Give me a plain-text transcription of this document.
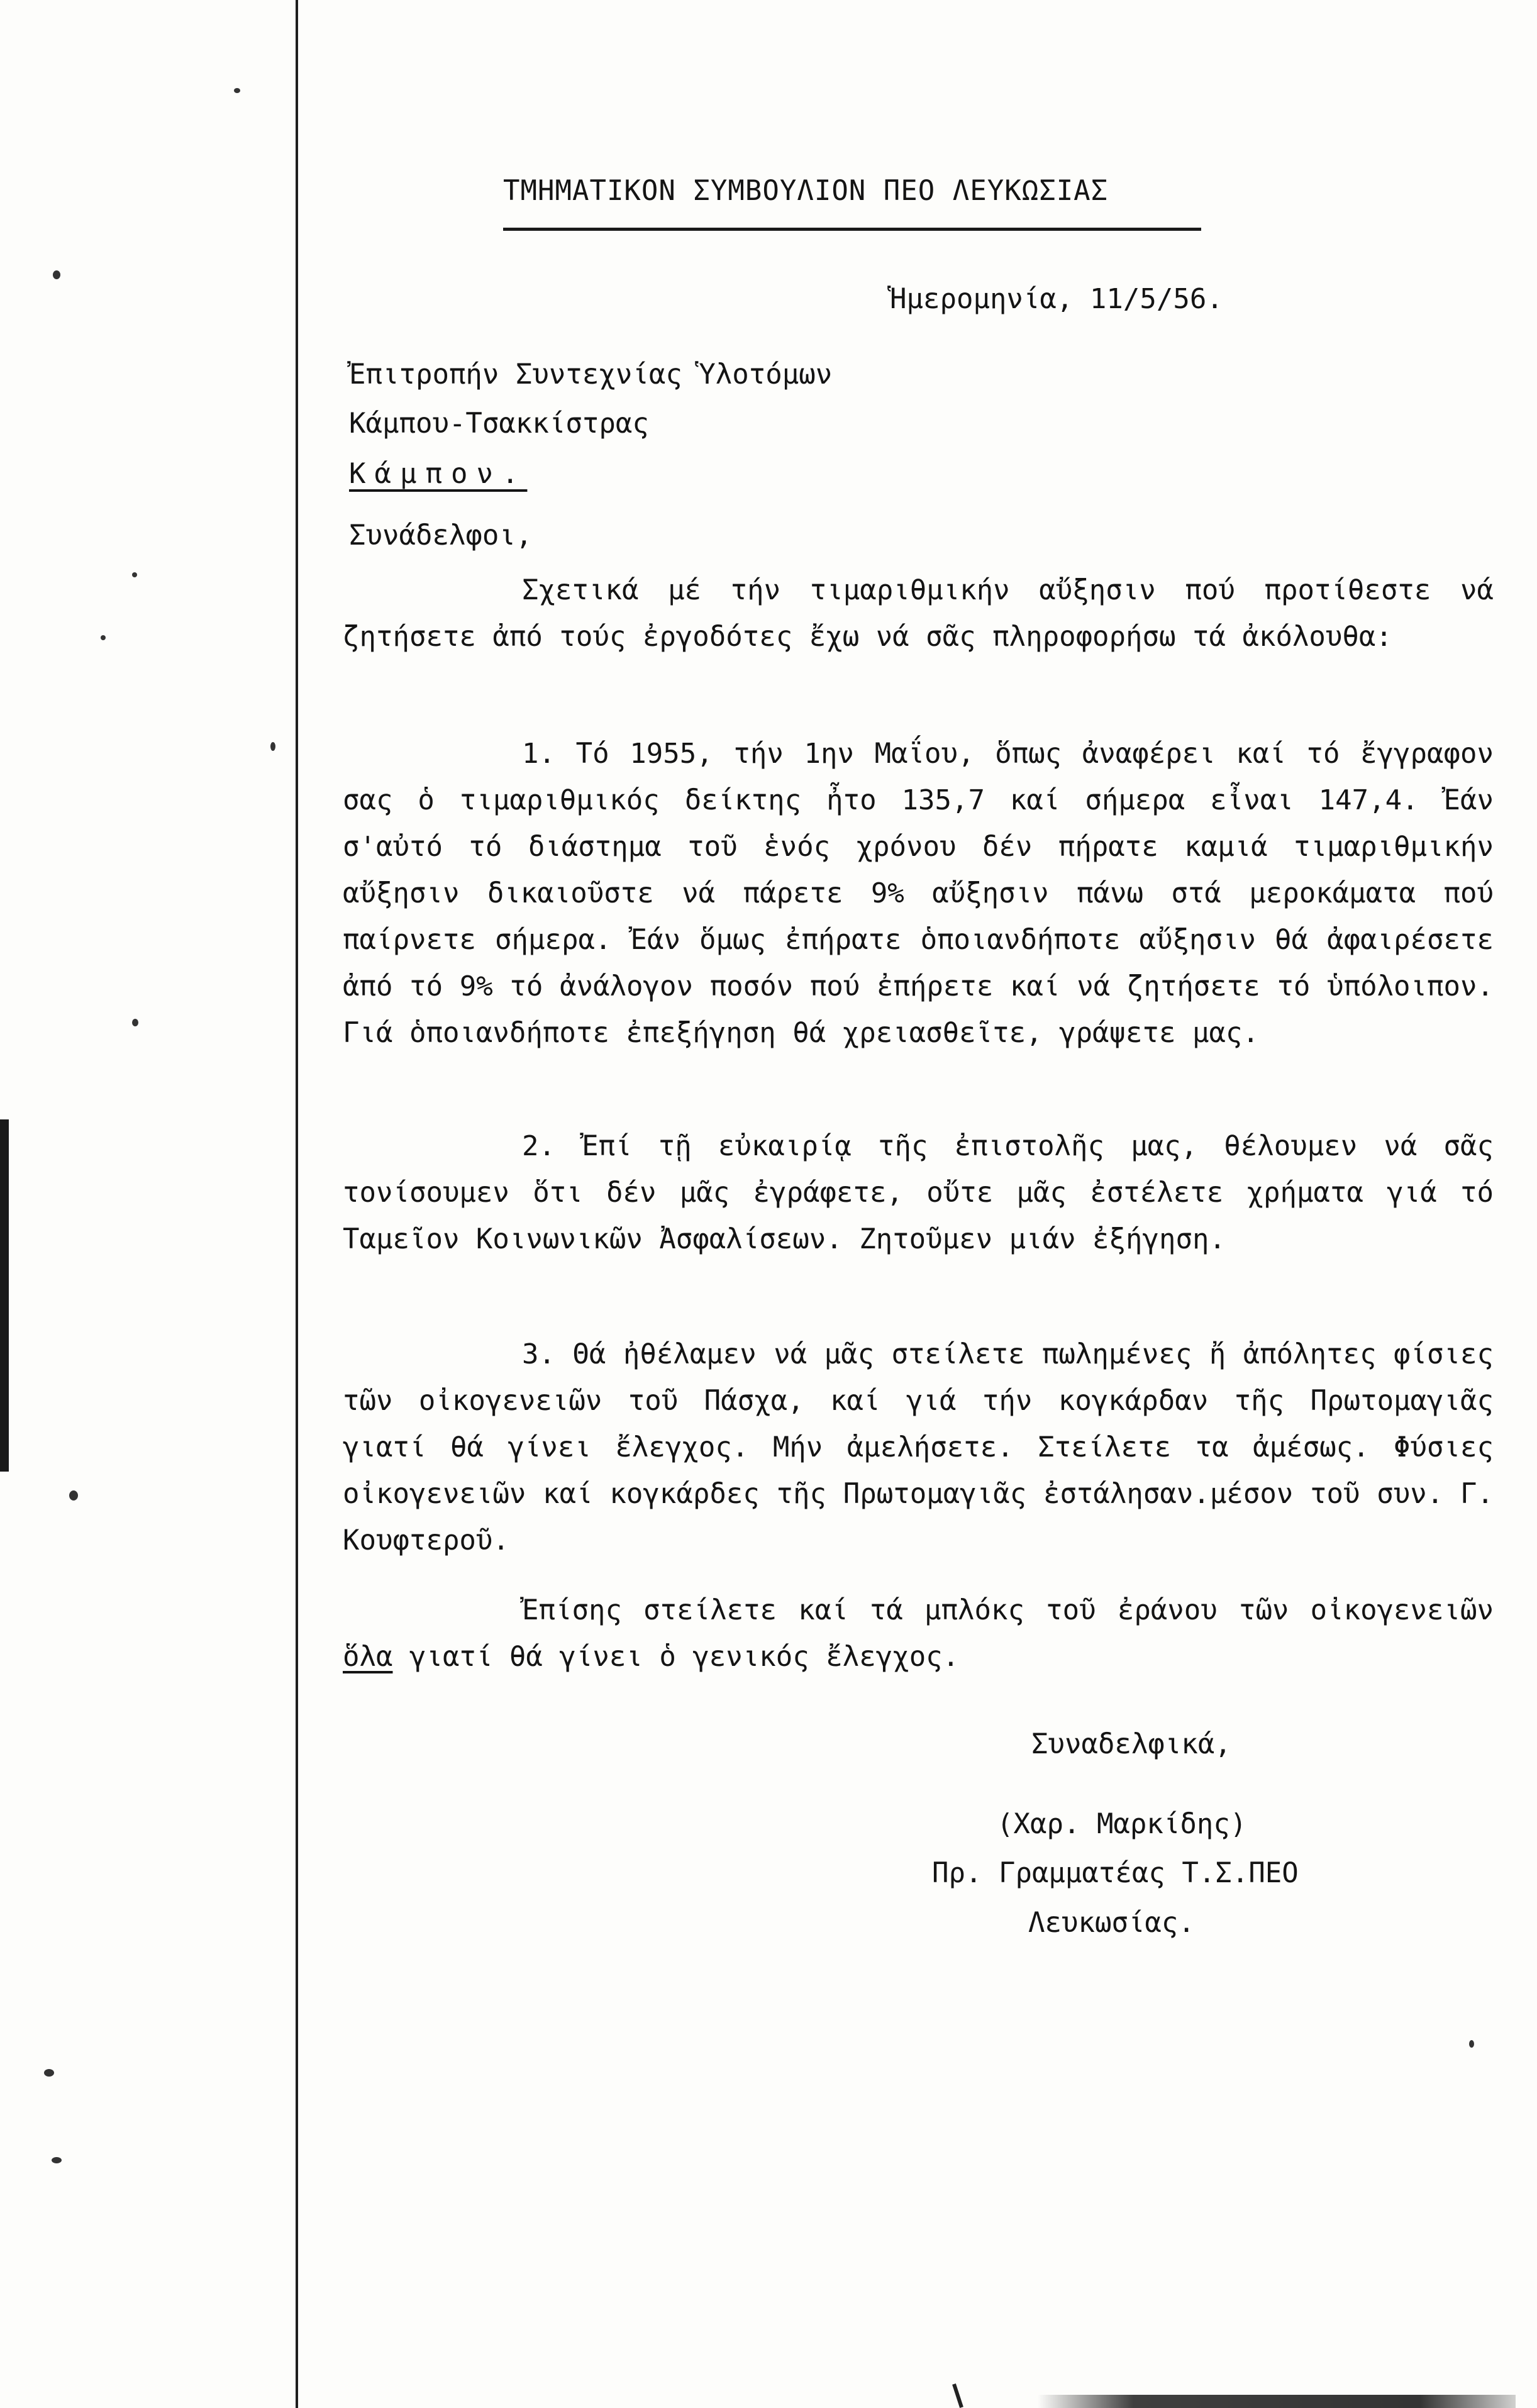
ΤΜΗΜΑΤΙΚΟΝ ΣΥΜΒΟΥΛΙΟΝ ΠΕΟ ΛΕΥΚΩΣΙΑΣ
Ἡμερομηνία, 11/5/56.
Ἐπιτροπήν Συντεχνίας Ὑλοτόμων
Κάμπου-Τσακκίστρας
Κάμπον.
Συνάδελφοι,
Σχετικά μέ τήν τιμαριθμικήν αὔξησιν πού προτίθεστε νά ζητήσετε ἀπό τούς ἐργοδότες ἔχω νά σᾶς πληροφορήσω τά ἀκόλουθα:
1. Τό 1955, τήν 1ην Μαΐου, ὅπως ἀναφέρει καί τό ἔγγραφον σας ὁ τιμαριθμικός δείκτης ἦτο 135,7 καί σήμερα εἶναι 147,4. Ἐάν σ'αὐτό τό διάστημα τοῦ ἑνός χρόνου δέν πήρατε καμιά τιμαριθμικήν αὔξησιν δικαιοῦστε νά πάρετε 9% αὔξησιν πάνω στά μεροκάματα πού παίρνετε σήμερα. Ἐάν ὅμως ἐπήρατε ὁποιανδήποτε αὔξησιν θά ἀφαιρέσετε ἀπό τό 9% τό ἀνάλογον ποσόν πού ἐπήρετε καί νά ζητήσετε τό ὑπόλοιπον. Γιά ὁποιανδήποτε ἐπεξήγηση θά χρειασθεῖτε, γράψετε μας.
2. Ἐπί τῇ εὐκαιρίᾳ τῆς ἐπιστολῆς μας, θέλουμεν νά σᾶς τονίσουμεν ὅτι δέν μᾶς ἐγράφετε, οὔτε μᾶς ἐστέλετε χρήματα γιά τό Ταμεῖον Κοινωνικῶν Ἀσφαλίσεων. Ζητοῦμεν μιάν ἐξήγηση.
3. Θά ἠθέλαμεν νά μᾶς στείλετε πωλημένες ἤ ἀπόλητες φίσιες τῶν οἰκογενειῶν τοῦ Πάσχα, καί γιά τήν κογκάρδαν τῆς Πρωτομαγιᾶς γιατί θά γίνει ἔλεγχος. Μήν ἀμελήσετε. Στείλετε τα ἀμέσως. Φύσιες οἰκογενειῶν καί κογκάρδες τῆς Πρωτομαγιᾶς ἐστάλησαν.μέσον τοῦ συν. Γ. Κουφτεροῦ.
Ἐπίσης στείλετε καί τά μπλόκς τοῦ ἐράνου τῶν οἰκογενειῶν ὅλα γιατί θά γίνει ὁ γενικός ἔλεγχος.
Συναδελφικά,
(Χαρ. Μαρκίδης)
Πρ. Γραμματέας Τ.Σ.ΠΕΟ
Λευκωσίας.
